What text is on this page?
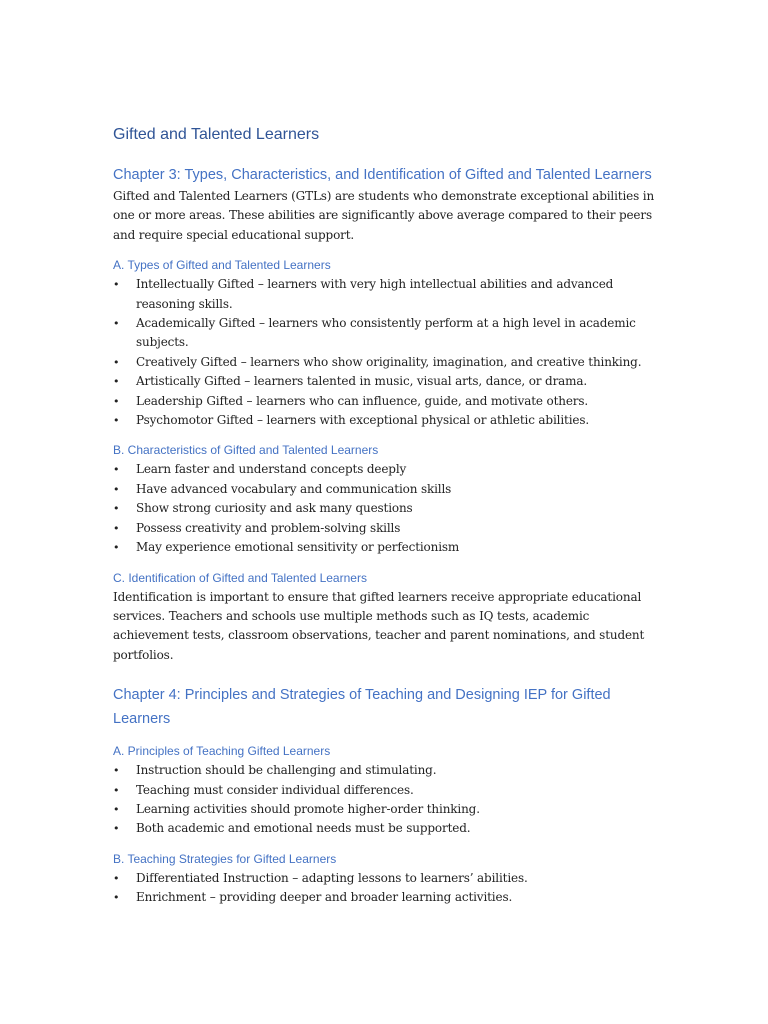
Gifted and Talented Learners
Chapter 3: Types, Characteristics, and Identification of Gifted and Talented Learners

Gifted and Talented Learners (GTLs) are students who demonstrate exceptional abilities in one or more areas. These abilities are significantly above average compared to their peers and require special educational support.

A. Types of Gifted and Talented Learners
• Intellectually Gifted – learners with very high intellectual abilities and advanced reasoning skills.
• Academically Gifted – learners who consistently perform at a high level in academic subjects.
• Creatively Gifted – learners who show originality, imagination, and creative thinking.
• Artistically Gifted – learners talented in music, visual arts, dance, or drama.
• Leadership Gifted – learners who can influence, guide, and motivate others.
• Psychomotor Gifted – learners with exceptional physical or athletic abilities.
B. Characteristics of Gifted and Talented Learners
• Learn faster and understand concepts deeply
• Have advanced vocabulary and communication skills
• Show strong curiosity and ask many questions
• Possess creativity and problem-solving skills
• May experience emotional sensitivity or perfectionism
C. Identification of Gifted and Talented Learners

Identification is important to ensure that gifted learners receive appropriate educational services. Teachers and schools use multiple methods such as IQ tests, academic achievement tests, classroom observations, teacher and parent nominations, and student portfolios.

Chapter 4: Principles and Strategies of Teaching and Designing IEP for Gifted Learners
A. Principles of Teaching Gifted Learners
• Instruction should be challenging and stimulating.
• Teaching must consider individual differences.
• Learning activities should promote higher-order thinking.
• Both academic and emotional needs must be supported.
B. Teaching Strategies for Gifted Learners
• Differentiated Instruction – adapting lessons to learners’ abilities.
• Enrichment – providing deeper and broader learning activities.
